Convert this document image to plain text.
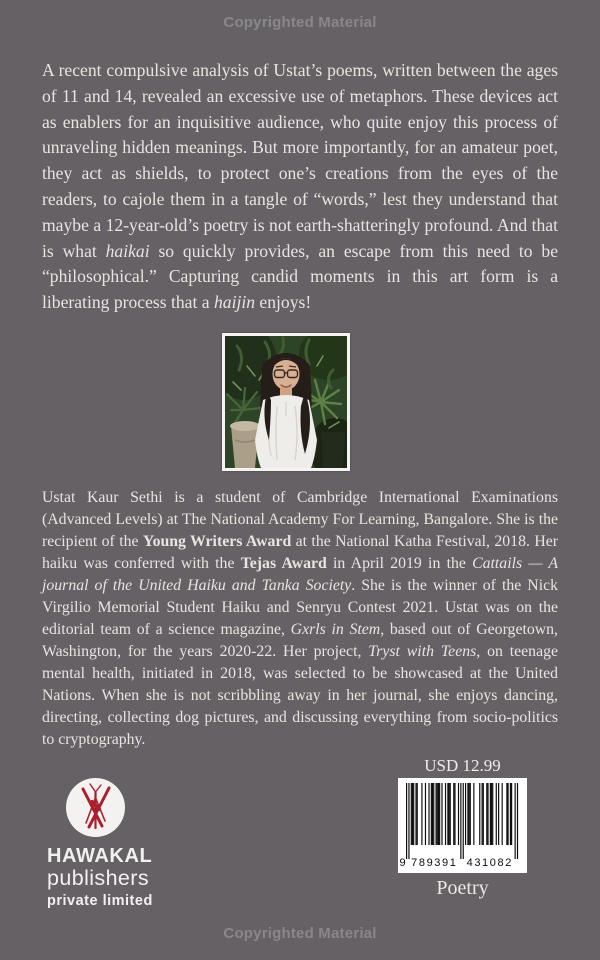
Copyrighted Material

A recent compulsive analysis of Ustat’s poems, written between the ages of 11 and 14, revealed an excessive use of metaphors. These devices act as enablers for an inquisitive audience, who quite enjoy this process of unraveling hidden meanings. But more importantly, for an amateur poet, they act as shields, to protect one’s creations from the eyes of the readers, to cajole them in a tangle of “words,” lest they understand that maybe a 12-year-old’s poetry is not earth-shatteringly profound. And that is what haikai so quickly provides, an escape from this need to be “philosophical.” Capturing candid moments in this art form is a liberating process that a haijin enjoys!

Ustat Kaur Sethi is a student of Cambridge International Examinations (Advanced Levels) at The National Academy For Learning, Bangalore. She is the recipient of the Young Writers Award at the National Katha Festival, 2018. Her haiku was conferred with the Tejas Award in April 2019 in the Cattails — A journal of the United Haiku and Tanka Society. She is the winner of the Nick Virgilio Memorial Student Haiku and Senryu Contest 2021. Ustat was on the editorial team of a science magazine, Gxrls in Stem, based out of Georgetown, Washington, for the years 2020-22. Her project, Tryst with Teens, on teenage mental health, initiated in 2018, was selected to be showcased at the United Nations. When she is not scribbling away in her journal, she enjoys dancing, directing, collecting dog pictures, and discussing everything from socio-politics to cryptography.

USD 12.99
9 789391 431082
Poetry
HAWAKAL
publishers
private limited
Copyrighted Material
